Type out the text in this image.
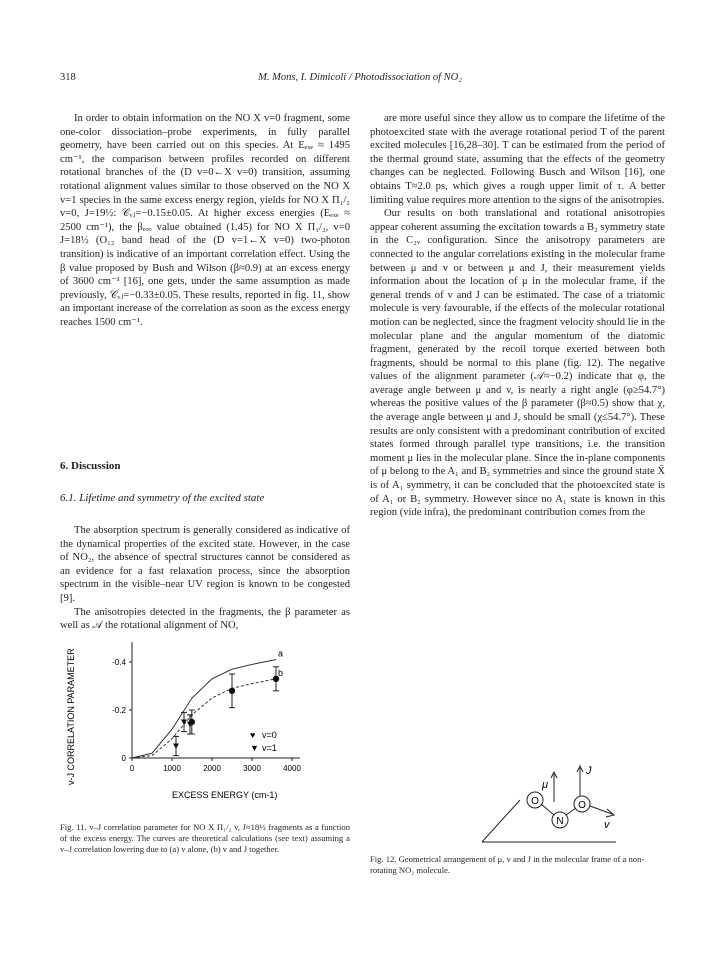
318	M. Mons, I. Dimicoli / Photodissociation of NO₂

In order to obtain information on the NO X v=0 fragment, some one-color dissociation–probe experiments, in fully parallel geometry, have been carried out on this species. At Eₑₓₑ ≈ 1495 cm⁻¹, the comparison between profiles recorded on different rotational branches of the (D v=0←X v=0) transition, assuming rotational alignment values similar to those observed on the NO X v=1 species in the same excess energy region, yields for NO X Π₁/₂ v=0, J=19½: 𝒞ᵥⱼ=−0.15±0.05. At higher excess energies (Eₑₓₑ ≈ 2500 cm⁻¹), the βₑₒₒ value obtained (1.45) for NO X Π₁/₂, v=0 J=18½ (O₁₂ band head of the (D v=1←X v=0) two-photon transition) is indicative of an important correlation effect. Using the β value proposed by Bush and Wilson (β≈0.9) at an excess energy of 3600 cm⁻¹ [16], one gets, under the same assumption as made previously, 𝒞ᵥⱼ=−0.33±0.05. These results, reported in fig. 11, show an important increase of the correlation as soon as the excess energy reaches 1500 cm⁻¹.

6. Discussion
6.1. Lifetime and symmetry of the excited state

The absorption spectrum is generally considered as indicative of the dynamical properties of the excited state. However, in the case of NO₂, the absence of spectral structures cannot be considered as an evidence for a fast relaxation process, since the absorption spectrum in the visible–near UV region is known to be congested [9].

The anisotropies detected in the fragments, the β parameter as well as 𝒜 the rotational alignment of NO,

are more useful since they allow us to compare the lifetime of the photoexcited state with the average rotational period T of the parent excited molecules [16,28–30]. T can be estimated from the period of the thermal ground state, assuming that the effects of the geometry changes can be neglected. Following Busch and Wilson [16], one obtains T≈2.0 ps, which gives a rough upper limit of τ. A better limiting value requires more attention to the signs of the anisotropies.

Our results on both translational and rotational anisotropies appear coherent assuming the excitation towards a B₂ symmetry state in the C₂ᵥ configuration. Since the anisotropy parameters are connected to the angular correlations existing in the molecular frame between μ and v or between μ and J, their measurement yields information about the location of μ in the molecular frame, if the general trends of v and J can be estimated. The case of a triatomic molecule is very favourable, if the effects of the molecular rotational motion can be neglected, since the fragment velocity should lie in the molecular plane and the angular momentum of the diatomic fragment, generated by the recoil torque exerted between both fragments, should be normal to this plane (fig. 12). The negative values of the alignment parameter (𝒜≈−0.2) indicate that φ, the average angle between μ and v, is nearly a right angle (φ≥54.7°) whereas the positive values of the β parameter (β≈0.5) show that χ, the average angle between μ and J, should be small (χ≤54.7°). These results are only consistent with a predominant contribution of excited states formed through parallel type transitions, i.e. the transition moment μ lies in the molecular plane. Since the in-plane components of μ belong to the A₁ and B₂ symmetries and since the ground state X̃ is of A₁ symmetry, it can be concluded that the photoexcited state is of A₁ or B₂ symmetry. However since no A₁ state is known in this region (vide infra), the predominant contribution comes from the

v-J CORRELATION PARAMETER
EXCESS ENERGY (cm-1)
0	1000	2000	3000	4000
-0.4
-0.2
0
a
b
♥ v=0
▼ v=1
Fig. 11. v–J correlation parameter for NO X Π₁/₂ v, J≈18½ fragments as a function of the excess energy. The curves are theoretical calculations (see text) assuming a v–J correlation lowering due to (a) v alone, (b) v and J together.
O
N
O
μ
J
v
Fig. 12. Geometrical arrangement of μ, v and J in the molecular frame of a non-rotating NO₂ molecule.
